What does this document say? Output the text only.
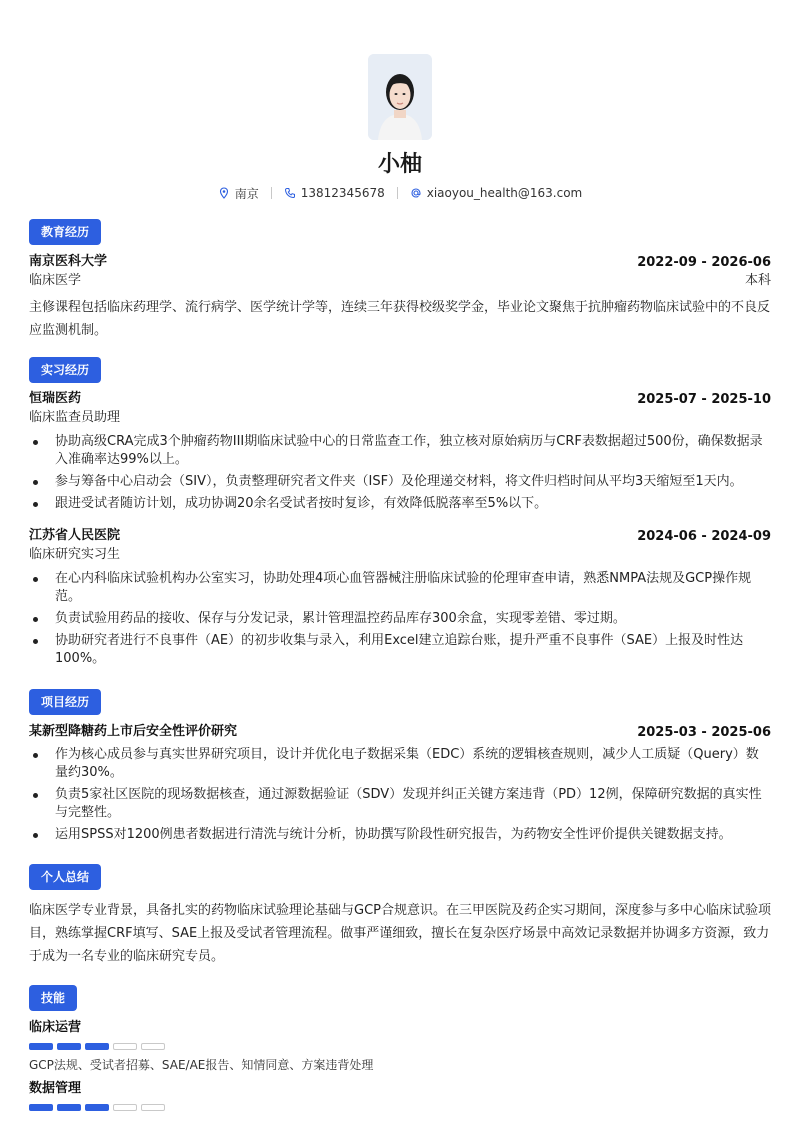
小柚
南京	13812345678	xiaoyou_health@163.com
教育经历
南京医科大学	2022-09 - 2026-06
临床医学	本科

主修课程包括临床药理学、流行病学、医学统计学等，连续三年获得校级奖学金，毕业论文聚焦于抗肿瘤药物临床试验中的不良反应监测机制。

实习经历
恒瑞医药	2025-07 - 2025-10
临床监查员助理
协助高级CRA完成3个肿瘤药物III期临床试验中心的日常监查工作，独立核对原始病历与CRF表数据超过500份，确保数据录入准确率达99%以上。
参与筹备中心启动会（SIV），负责整理研究者文件夹（ISF）及伦理递交材料，将文件归档时间从平均3天缩短至1天内。
跟进受试者随访计划，成功协调20余名受试者按时复诊，有效降低脱落率至5%以下。
江苏省人民医院	2024-06 - 2024-09
临床研究实习生
在心内科临床试验机构办公室实习，协助处理4项心血管器械注册临床试验的伦理审查申请，熟悉NMPA法规及GCP操作规范。
负责试验用药品的接收、保存与分发记录，累计管理温控药品库存300余盒，实现零差错、零过期。
协助研究者进行不良事件（AE）的初步收集与录入，利用Excel建立追踪台账，提升严重不良事件（SAE）上报及时性达100%。
项目经历
某新型降糖药上市后安全性评价研究	2025-03 - 2025-06
作为核心成员参与真实世界研究项目，设计并优化电子数据采集（EDC）系统的逻辑核查规则，减少人工质疑（Query）数量约30%。
负责5家社区医院的现场数据核查，通过源数据验证（SDV）发现并纠正关键方案违背（PD）12例，保障研究数据的真实性与完整性。
运用SPSS对1200例患者数据进行清洗与统计分析，协助撰写阶段性研究报告，为药物安全性评价提供关键数据支持。
个人总结

临床医学专业背景，具备扎实的药物临床试验理论基础与GCP合规意识。在三甲医院及药企实习期间，深度参与多中心临床试验项目，熟练掌握CRF填写、SAE上报及受试者管理流程。做事严谨细致，擅长在复杂医疗场景中高效记录数据并协调多方资源，致力于成为一名专业的临床研究专员。

技能
临床运营
GCP法规、受试者招募、SAE/AE报告、知情同意、方案违背处理
数据管理
